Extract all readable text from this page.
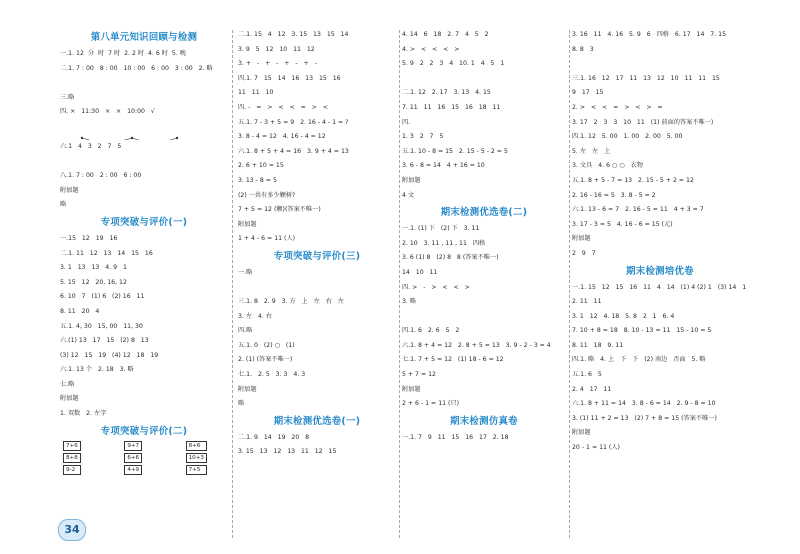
第八单元知识回顾与检测
一.1. 12  分  时  7 时  2. 2 时  4. 6 时  5. 晚
二.1. 7 : 00   8 : 00   10 : 00   6 : 00   3 : 00   2. 略
三.略
四. ×   11:30   ×   ×   10:00   √

六.1   4   3   2   7   5

八.1. 7 : 00   2 : 00   6 : 00
附加题
略
专项突破与评价(一)
一.15   12   19   16
二.1. 11   12   13   14   15   16
3. 1   13   13   4. 9   1
5. 15   12   20, 16, 12
6. 10   7   (1) 6   (2) 16   11
8. 11   20   4
五.1. 4, 30   15, 00   11, 30
六.(1) 13   17   15   (2) 8   13
(3) 12   15   19   (4) 12   18   19
六.1. 13 个   2. 18   3. 略
七.略
附加题
1. 双数   2. 左字
专项突破与评价(二)
7+6
8+8
9-2
9+7
6+6
4+9
8+6
10+3
7+5
二.1. 15   4   12   3. 15   13   15   14
3. 9   5   12   10   11   12
3. +   -   +   -   +   -   +   -
四.1. 7   15   14   16   13   15   16
11   11   10
四. -   =   >   <   <   =   >   <
五.1. 7 - 3 + 5 = 9   2. 16 - 4 - 1 = ?
3. 8 - 4 = 12   4. 16 - 4 = 12
六.1. 8 + 5 + 4 = 16   3. 9 + 4 = 13
2. 6 + 10 = 15
3. 13 - 8 = 5
(2) 一共有多少颗树?
7 + 5 = 12 (颗)(答案不唯一)
附加题
1 + 4 - 6 = 11 (人)
专项突破与评价(三)
一.略

三.1. 8   2. 9   3. 方   上   左   右   左
3. 左   4. 右
四.略
五.1. 0   (2) ○   (1)
2. (1) (答案不唯一)
七.1.   2. 5   3. 3   4. 3
附加题
略
期末检测优选卷(一)
二.1. 9   14   19   20   8
3. 15   13   12   13   11   12   15
4. 14   6   18   2. 7   4   5   2
4. >   <   <   <   >
5. 9   2   2   3   4   10. 1   4   5   1

二.1. 12   2. 17   3. 13   4. 15
7. 11   11   16   15   16   18   11
四.
1. 3   2   7   5
五.1. 10 - 8 = 15   2. 15 - 5 - 2 = 5
3. 6 - 8 = 14   4 + 16 = 10
附加题
4 文
期末检测优选卷(二)
一.1. (1) 下   (2) 下   3. 11
2. 10   3. 11 , 11 , 11   四格
3. 6 (1) 8   (2) 8   8 (答案不唯一)
14   10   11
四. >   -   >   <   <   >
3. 略

四.1. 6   2. 6   5   2
六.1. 8 + 4 = 12   2. 8 + 5 = 13   3. 9 - 2 - 3 = 4
七.1. 7 + 5 = 12   (1) 18 - 6 = 12
5 + 7 = 12
附加题
2 + 6 - 1 = 11 (只)
期末检测仿真卷
一.1. 7   9   11   15   16   17   2. 18
3. 16   11   4. 16   5. 9   6   四格   6. 17   14   7. 15
8. 8   3

三.1. 16   12   17   11   13   12   10   11   11   15
9   17   15
2. >   <   <   =   >   <   >   =
3. 17   2   3   3   10   11   (1) 前面的答案不唯一)
四.1. 12   5. 00   1. 00   2. 00   5. 00
5. 左   左   上
3. 文具   4. 6 ○ ○   衣物
五.1. 8 + 5 - 7 = 13   2. 15 - 5 + 2 = 12
2. 16 - 16 = 5   3. 8 - 5 = 2
六.1. 13 - 6 = 7   2. 16 - 5 = 11   4 + 3 = 7
3. 17 - 3 = 5   4. 16 - 6 = 15 (元)
附加题
2   9   7
期末检测培优卷
一.1. 15   12   15   16   11   4   14   (1) 4 (2) 1   (3) 14   1
2. 11   11
3. 1   12   4. 18   5. 8   2   1   6. 4
7. 10 + 8 = 18   8. 10 - 13 = 11   15 - 10 = 5
8. 11   18   9. 11
四.1. 略   4. 上   下   下   (2) 南边   否面   5. 略
五.1. 6   5
2. 4   17   11
六.1. 8 + 11 = 14   3. 8 - 6 = 14   2. 9 - 8 = 10
3. (1) 11 + 2 = 13   (2) 7 + 8 = 15 (答案不唯一)
附加题
20 - 1 = 11 (人)
34
